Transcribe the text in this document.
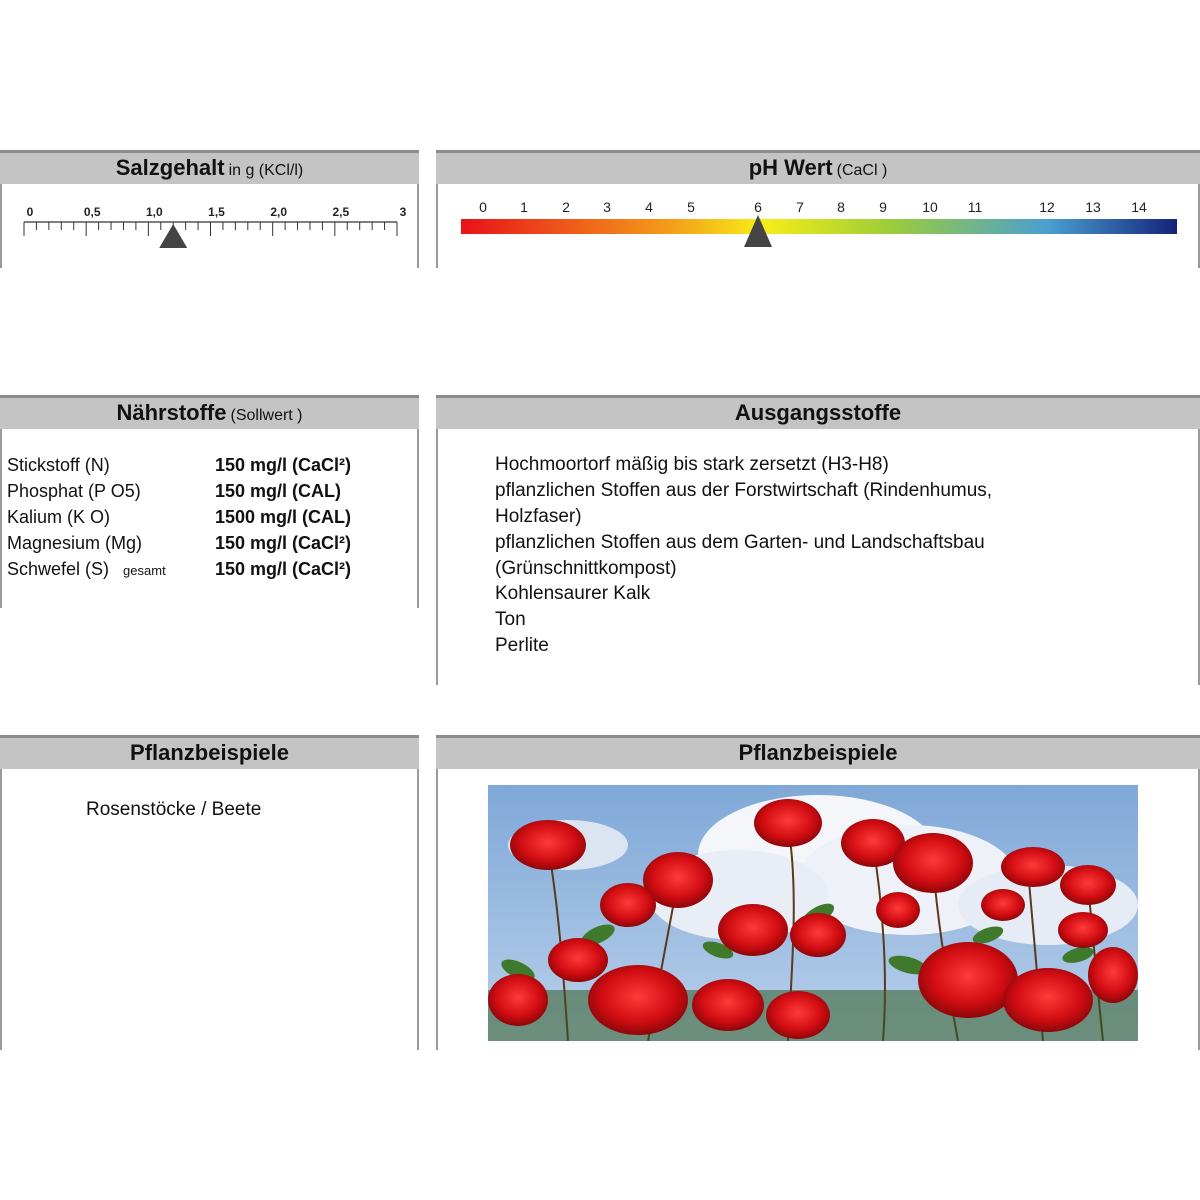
Salzgehalt in g (KCl/l)
0	0,5	1,0	1,5	2,0	2,5	3
pH Wert (CaCl )
0 1 2 3 4 5	6 7 8 9	10 11	12 13 14
Nährstoffe (Sollwert )
Stickstoff (N)	150 mg/l (CaCl²)
Phosphat (P O5)	150 mg/l (CAL)
Kalium (K O)	1500 mg/l (CAL)
Magnesium (Mg)	150 mg/l (CaCl²)
Schwefel (S) gesamt	150 mg/l (CaCl²)
Ausgangsstoffe
Hochmoortorf mäßig bis stark zersetzt (H3-H8)
pflanzlichen Stoffen aus der Forstwirtschaft (Rindenhumus,
Holzfaser)
pflanzlichen Stoffen aus dem Garten- und Landschaftsbau
(Grünschnittkompost)
Kohlensaurer Kalk
Ton
Perlite
Pflanzbeispiele
Rosenstöcke / Beete
Pflanzbeispiele
